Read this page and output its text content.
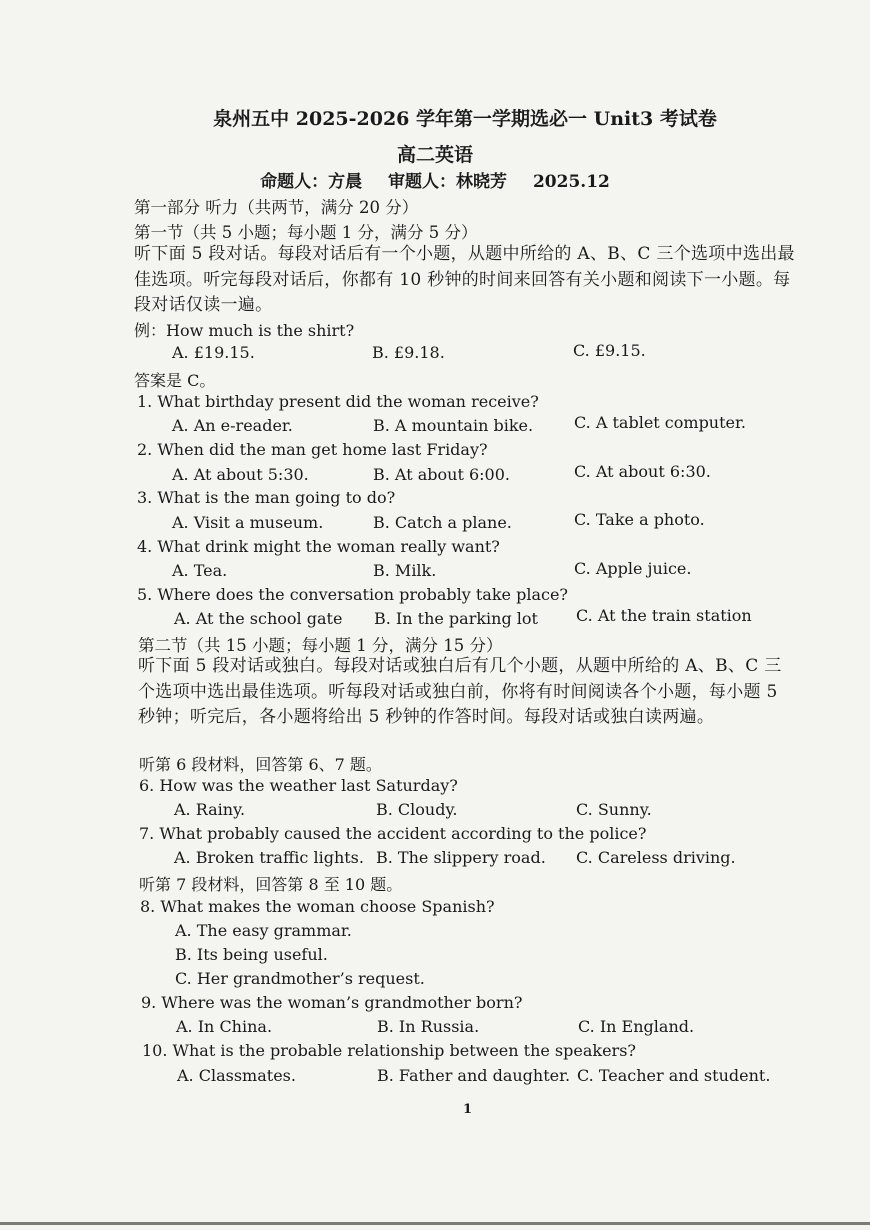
泉州五中 2025-2026 学年第一学期选必一 Unit3 考试卷
高二英语
命题人：方晨 审题人：林晓芳 2025.12
第一部分 听力（共两节，满分 20 分）
第一节（共 5 小题；每小题 1 分，满分 5 分）
听下面 5 段对话。每段对话后有一个小题，从题中所给的 A、B、C 三个选项中选出最佳选项。听完每段对话后，你都有 10 秒钟的时间来回答有关小题和阅读下一小题。每段对话仅读一遍。
例：How much is the shirt?
A. £19.15.	B. £9.18.	C. £9.15.
答案是 C。
1. What birthday present did the woman receive?
A. An e-reader.	B. A mountain bike.	C. A tablet computer.
2. When did the man get home last Friday?
A. At about 5:30.	B. At about 6:00.	C. At about 6:30.
3. What is the man going to do?
A. Visit a museum.	B. Catch a plane.	C. Take a photo.
4. What drink might the woman really want?
A. Tea.	B. Milk.	C. Apple juice.
5. Where does the conversation probably take place?
A. At the school gate B. In the parking lot C. At the train station
第二节（共 15 小题；每小题 1 分，满分 15 分）
听下面 5 段对话或独白。每段对话或独白后有几个小题，从题中所给的 A、B、C 三个选项中选出最佳选项。听每段对话或独白前，你将有时间阅读各个小题，每小题 5 秒钟；听完后，各小题将给出 5 秒钟的作答时间。每段对话或独白读两遍。
听第 6 段材料，回答第 6、7 题。
6. How was the weather last Saturday?
A. Rainy.	B. Cloudy.	C. Sunny.
7. What probably caused the accident according to the police?
A. Broken traffic lights. B. The slippery road. C. Careless driving.
听第 7 段材料，回答第 8 至 10 题。
8. What makes the woman choose Spanish?
A. The easy grammar.
B. Its being useful.
C. Her grandmother’s request.
9. Where was the woman’s grandmother born?
A. In China.	B. In Russia.	C. In England.
10. What is the probable relationship between the speakers?
A. Classmates.	B. Father and daughter. C. Teacher and student.
1
